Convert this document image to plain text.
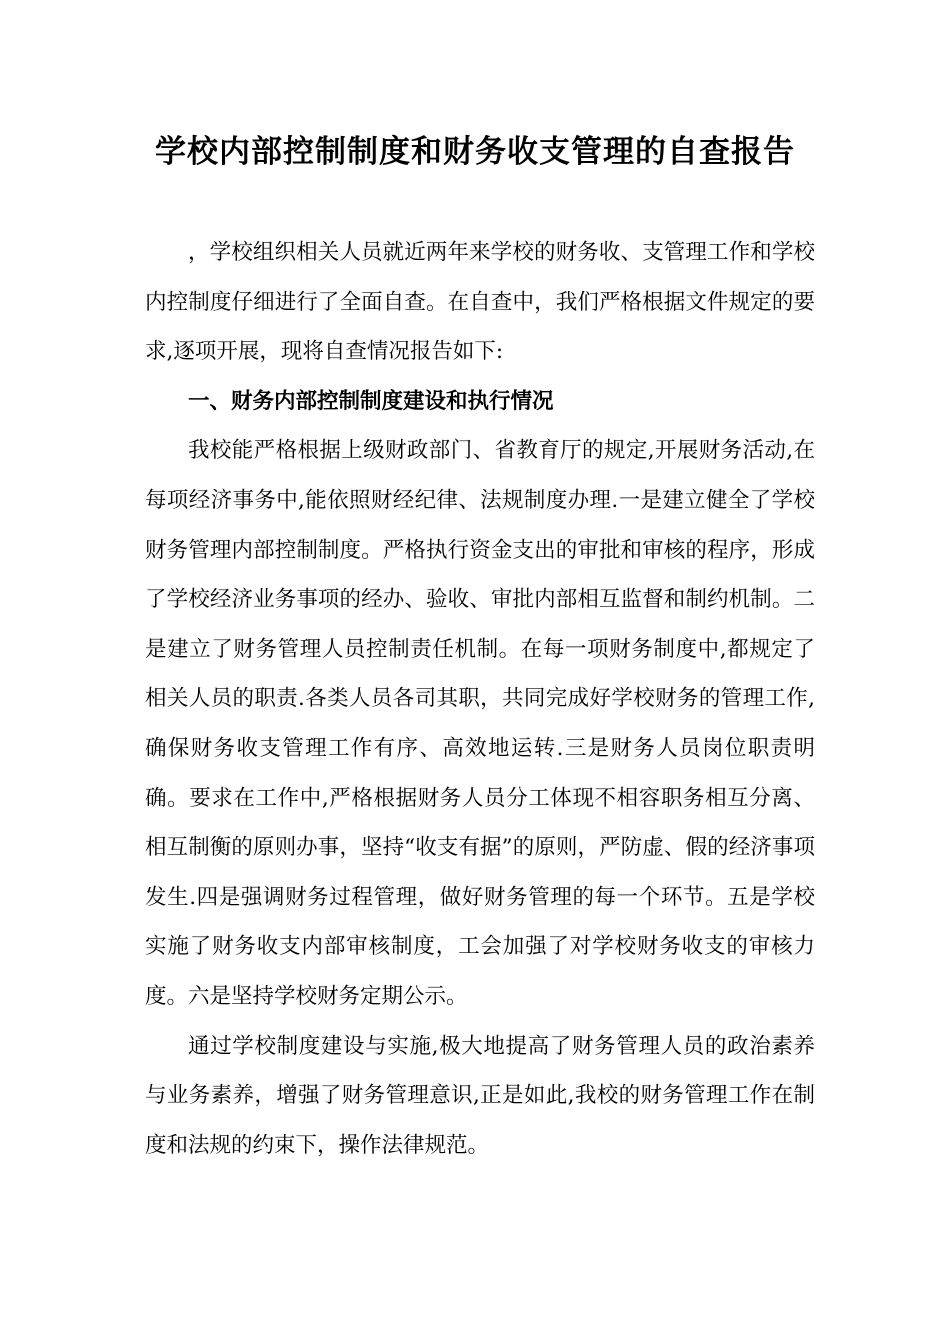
学校内部控制制度和财务收支管理的自查报告

，学校组织相关人员就近两年来学校的财务收、支管理工作和学校内控制度仔细进行了全面自查。在自查中，我们严格根据文件规定的要求,逐项开展，现将自查情况报告如下:

一、财务内部控制制度建设和执行情况

我校能严格根据上级财政部门、省教育厅的规定,开展财务活动,在每项经济事务中,能依照财经纪律、法规制度办理.一是建立健全了学校财务管理内部控制制度。严格执行资金支出的审批和审核的程序，形成了学校经济业务事项的经办、验收、审批内部相互监督和制约机制。二是建立了财务管理人员控制责任机制。在每一项财务制度中,都规定了相关人员的职责.各类人员各司其职，共同完成好学校财务的管理工作,确保财务收支管理工作有序、高效地运转.三是财务人员岗位职责明确。要求在工作中,严格根据财务人员分工体现不相容职务相互分离、相互制衡的原则办事，坚持“收支有据”的原则，严防虚、假的经济事项发生.四是强调财务过程管理，做好财务管理的每一个环节。五是学校实施了财务收支内部审核制度，工会加强了对学校财务收支的审核力度。六是坚持学校财务定期公示。

通过学校制度建设与实施,极大地提高了财务管理人员的政治素养与业务素养，增强了财务管理意识,正是如此,我校的财务管理工作在制度和法规的约束下，操作法律规范。
